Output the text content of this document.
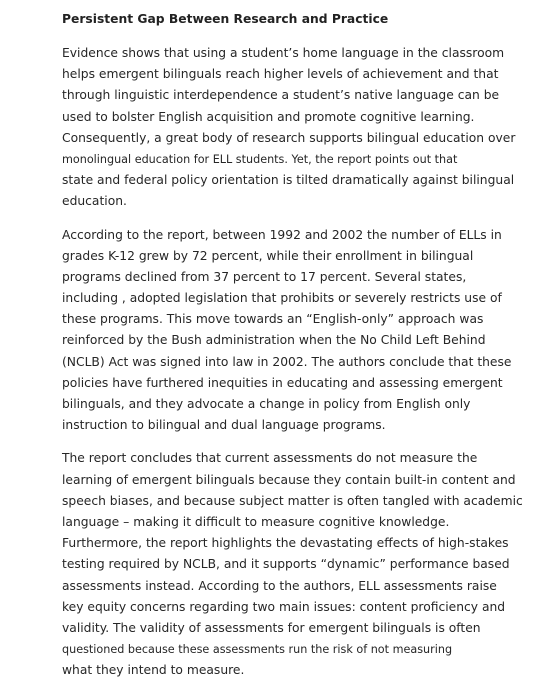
Persistent Gap Between Research and Practice
Evidence shows that using a student’s home language in the classroom
helps emergent bilinguals reach higher levels of achievement and that
through linguistic interdependence a student’s native language can be
used to bolster English acquisition and promote cognitive learning.
Consequently, a great body of research supports bilingual education over
monolingual education for ELL students. Yet, the report points out that
state and federal policy orientation is tilted dramatically against bilingual
education.
According to the report, between 1992 and 2002 the number of ELLs in
grades K-12 grew by 72 percent, while their enrollment in bilingual
programs declined from 37 percent to 17 percent. Several states,
including , adopted legislation that prohibits or severely restricts use of
these programs. This move towards an “English-only” approach was
reinforced by the Bush administration when the No Child Left Behind
(NCLB) Act was signed into law in 2002. The authors conclude that these
policies have furthered inequities in educating and assessing emergent
bilinguals, and they advocate a change in policy from English only
instruction to bilingual and dual language programs.
The report concludes that current assessments do not measure the
learning of emergent bilinguals because they contain built-in content and
speech biases, and because subject matter is often tangled with academic
language – making it difficult to measure cognitive knowledge.
Furthermore, the report highlights the devastating effects of high-stakes
testing required by NCLB, and it supports “dynamic” performance based
assessments instead. According to the authors, ELL assessments raise
key equity concerns regarding two main issues: content proficiency and
validity. The validity of assessments for emergent bilinguals is often
questioned because these assessments run the risk of not measuring
what they intend to measure.
